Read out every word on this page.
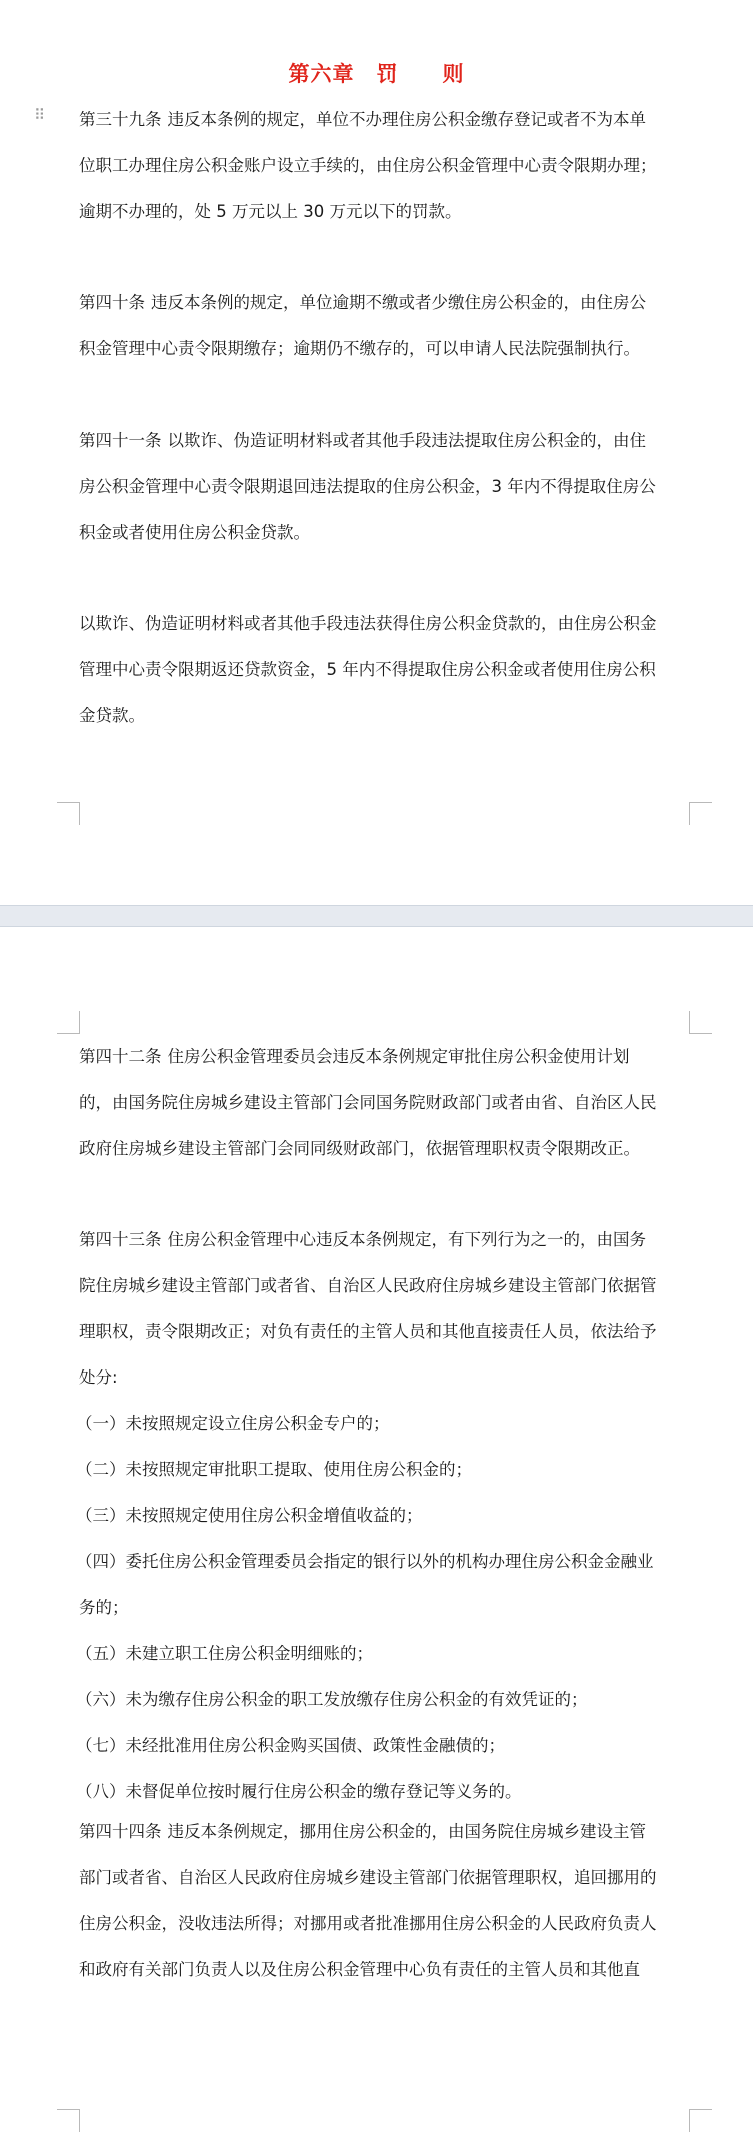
第六章　罚　　则
⠿ 第三十九条 违反本条例的规定，单位不办理住房公积金缴存登记或者不为本单
位职工办理住房公积金账户设立手续的，由住房公积金管理中心责令限期办理；
逾期不办理的，处 5 万元以上 30 万元以下的罚款。
第四十条 违反本条例的规定，单位逾期不缴或者少缴住房公积金的，由住房公
积金管理中心责令限期缴存；逾期仍不缴存的，可以申请人民法院强制执行。
第四十一条 以欺诈、伪造证明材料或者其他手段违法提取住房公积金的，由住
房公积金管理中心责令限期退回违法提取的住房公积金，3 年内不得提取住房公
积金或者使用住房公积金贷款。
以欺诈、伪造证明材料或者其他手段违法获得住房公积金贷款的，由住房公积金
管理中心责令限期返还贷款资金，5 年内不得提取住房公积金或者使用住房公积
金贷款。
第四十二条 住房公积金管理委员会违反本条例规定审批住房公积金使用计划
的，由国务院住房城乡建设主管部门会同国务院财政部门或者由省、自治区人民
政府住房城乡建设主管部门会同同级财政部门，依据管理职权责令限期改正。
第四十三条 住房公积金管理中心违反本条例规定，有下列行为之一的，由国务
院住房城乡建设主管部门或者省、自治区人民政府住房城乡建设主管部门依据管
理职权，责令限期改正；对负有责任的主管人员和其他直接责任人员，依法给予
处分:
（一）未按照规定设立住房公积金专户的；
（二）未按照规定审批职工提取、使用住房公积金的；
（三）未按照规定使用住房公积金增值收益的；
（四）委托住房公积金管理委员会指定的银行以外的机构办理住房公积金金融业
务的；
（五）未建立职工住房公积金明细账的；
（六）未为缴存住房公积金的职工发放缴存住房公积金的有效凭证的；
（七）未经批准用住房公积金购买国债、政策性金融债的；
（八）未督促单位按时履行住房公积金的缴存登记等义务的。
第四十四条 违反本条例规定，挪用住房公积金的，由国务院住房城乡建设主管
部门或者省、自治区人民政府住房城乡建设主管部门依据管理职权，追回挪用的
住房公积金，没收违法所得；对挪用或者批准挪用住房公积金的人民政府负责人
和政府有关部门负责人以及住房公积金管理中心负有责任的主管人员和其他直
